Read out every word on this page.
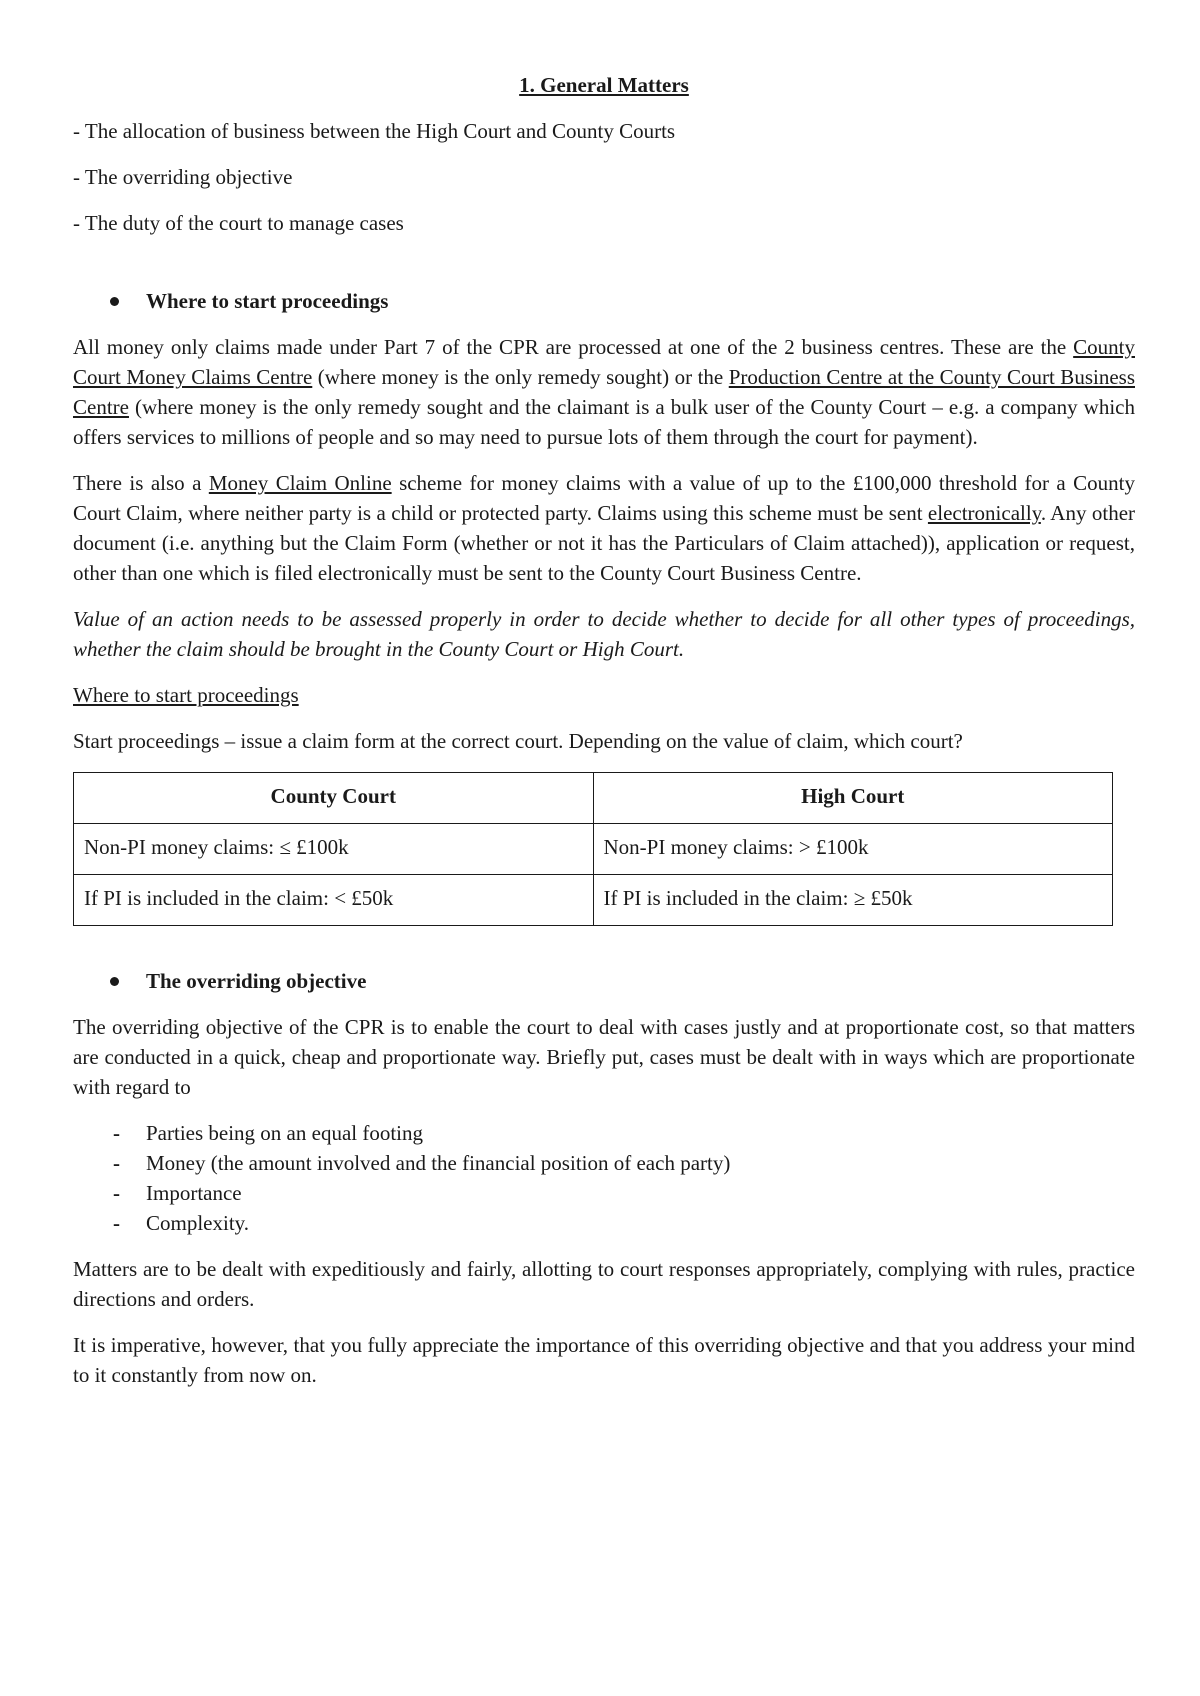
1. General Matters
- The allocation of business between the High Court and County Courts
- The overriding objective
- The duty of the court to manage cases
Where to start proceedings

All money only claims made under Part 7 of the CPR are processed at one of the 2 business centres. These are the County Court Money Claims Centre (where money is the only remedy sought) or the Production Centre at the County Court Business Centre (where money is the only remedy sought and the claimant is a bulk user of the County Court – e.g. a company which offers services to millions of people and so may need to pursue lots of them through the court for payment).

There is also a Money Claim Online scheme for money claims with a value of up to the £100,000 threshold for a County Court Claim, where neither party is a child or protected party. Claims using this scheme must be sent electronically. Any other document (i.e. anything but the Claim Form (whether or not it has the Particulars of Claim attached)), application or request, other than one which is filed electronically must be sent to the County Court Business Centre.

Value of an action needs to be assessed properly in order to decide whether to decide for all other types of proceedings, whether the claim should be brought in the County Court or High Court.

Where to start proceedings

Start proceedings – issue a claim form at the correct court. Depending on the value of claim, which court?

County Court	High Court
Non-PI money claims: ≤ £100k	Non-PI money claims: > £100k
If PI is included in the claim: < £50k	If PI is included in the claim: ≥ £50k
The overriding objective

The overriding objective of the CPR is to enable the court to deal with cases justly and at proportionate cost, so that matters are conducted in a quick, cheap and proportionate way. Briefly put, cases must be dealt with in ways which are proportionate with regard to

- Parties being on an equal footing
- Money (the amount involved and the financial position of each party)
- Importance
- Complexity.

Matters are to be dealt with expeditiously and fairly, allotting to court responses appropriately, complying with rules, practice directions and orders.

It is imperative, however, that you fully appreciate the importance of this overriding objective and that you address your mind to it constantly from now on.
